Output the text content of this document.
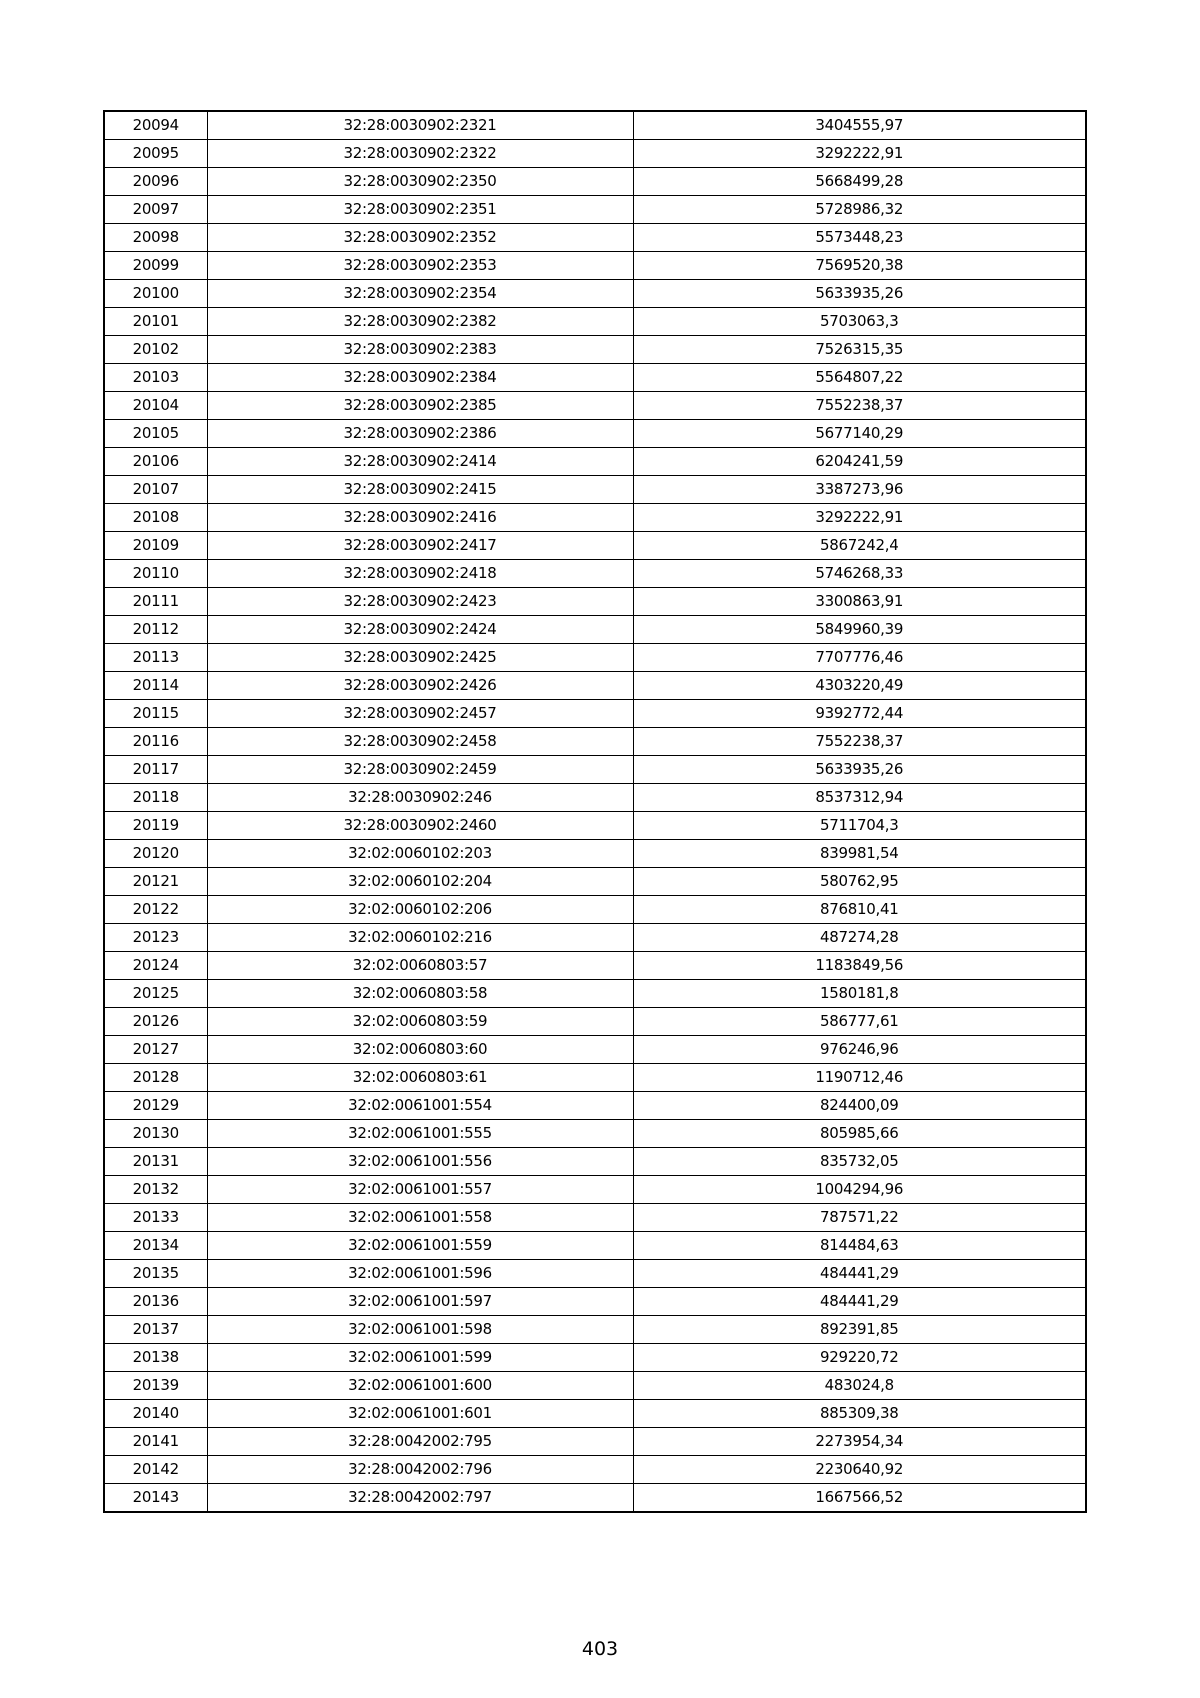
20094	32:28:0030902:2321	3404555,97
20095	32:28:0030902:2322	3292222,91
20096	32:28:0030902:2350	5668499,28
20097	32:28:0030902:2351	5728986,32
20098	32:28:0030902:2352	5573448,23
20099	32:28:0030902:2353	7569520,38
20100	32:28:0030902:2354	5633935,26
20101	32:28:0030902:2382	5703063,3
20102	32:28:0030902:2383	7526315,35
20103	32:28:0030902:2384	5564807,22
20104	32:28:0030902:2385	7552238,37
20105	32:28:0030902:2386	5677140,29
20106	32:28:0030902:2414	6204241,59
20107	32:28:0030902:2415	3387273,96
20108	32:28:0030902:2416	3292222,91
20109	32:28:0030902:2417	5867242,4
20110	32:28:0030902:2418	5746268,33
20111	32:28:0030902:2423	3300863,91
20112	32:28:0030902:2424	5849960,39
20113	32:28:0030902:2425	7707776,46
20114	32:28:0030902:2426	4303220,49
20115	32:28:0030902:2457	9392772,44
20116	32:28:0030902:2458	7552238,37
20117	32:28:0030902:2459	5633935,26
20118	32:28:0030902:246	8537312,94
20119	32:28:0030902:2460	5711704,3
20120	32:02:0060102:203	839981,54
20121	32:02:0060102:204	580762,95
20122	32:02:0060102:206	876810,41
20123	32:02:0060102:216	487274,28
20124	32:02:0060803:57	1183849,56
20125	32:02:0060803:58	1580181,8
20126	32:02:0060803:59	586777,61
20127	32:02:0060803:60	976246,96
20128	32:02:0060803:61	1190712,46
20129	32:02:0061001:554	824400,09
20130	32:02:0061001:555	805985,66
20131	32:02:0061001:556	835732,05
20132	32:02:0061001:557	1004294,96
20133	32:02:0061001:558	787571,22
20134	32:02:0061001:559	814484,63
20135	32:02:0061001:596	484441,29
20136	32:02:0061001:597	484441,29
20137	32:02:0061001:598	892391,85
20138	32:02:0061001:599	929220,72
20139	32:02:0061001:600	483024,8
20140	32:02:0061001:601	885309,38
20141	32:28:0042002:795	2273954,34
20142	32:28:0042002:796	2230640,92
20143	32:28:0042002:797	1667566,52
403
